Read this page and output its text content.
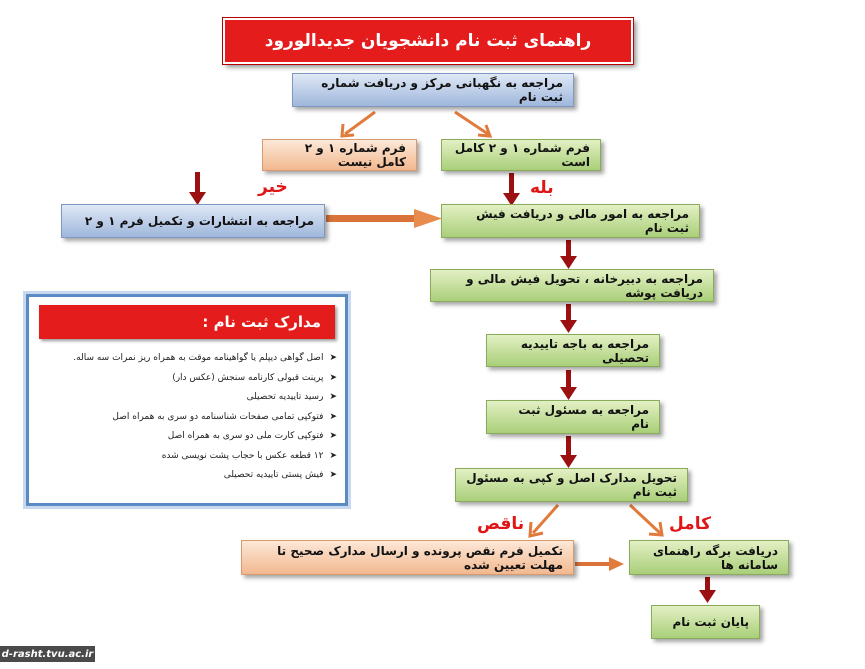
راهنمای ثبت نام دانشجویان جدیدالورود
مراجعه به نگهبانی مرکز و دریافت شماره ثبت نام
فرم شماره ۱ و ۲ کامل است
فرم شماره ۱ و ۲ کامل نیست
مراجعه به انتشارات و تکمیل فرم ۱ و ۲	مراجعه به امور مالی و دریافت فیش ثبت نام
مراجعه به دبیرخانه ، تحویل فیش مالی و دریافت پوشه
مراجعه به باجه تاییدیه تحصیلی
مراجعه به مسئول ثبت نام
تحویل مدارک اصل و کپی به مسئول ثبت نام
تکمیل فرم نقص پرونده و ارسال مدارک صحیح تا مهلت تعیین شده
دریافت برگه راهنمای سامانه ها
پایان ثبت نام
خیر	بله
ناقص	کامل
مدارک ثبت نام :
➤اصل گواهی دیپلم یا گواهینامه موقت به همراه ریز نمرات سه ساله.
➤پرینت قبولی کارنامه سنجش (عکس دار)
➤رسید تاییدیه تحصیلی
➤فتوکپی تمامی صفحات شناسنامه دو سری به همراه اصل
➤فتوکپی کارت ملی دو سری به همراه اصل
➤۱۲ قطعه عکس با حجاب پشت نویسی شده
➤فیش پستی تاییدیه تحصیلی
d-rasht.tvu.ac.ir
